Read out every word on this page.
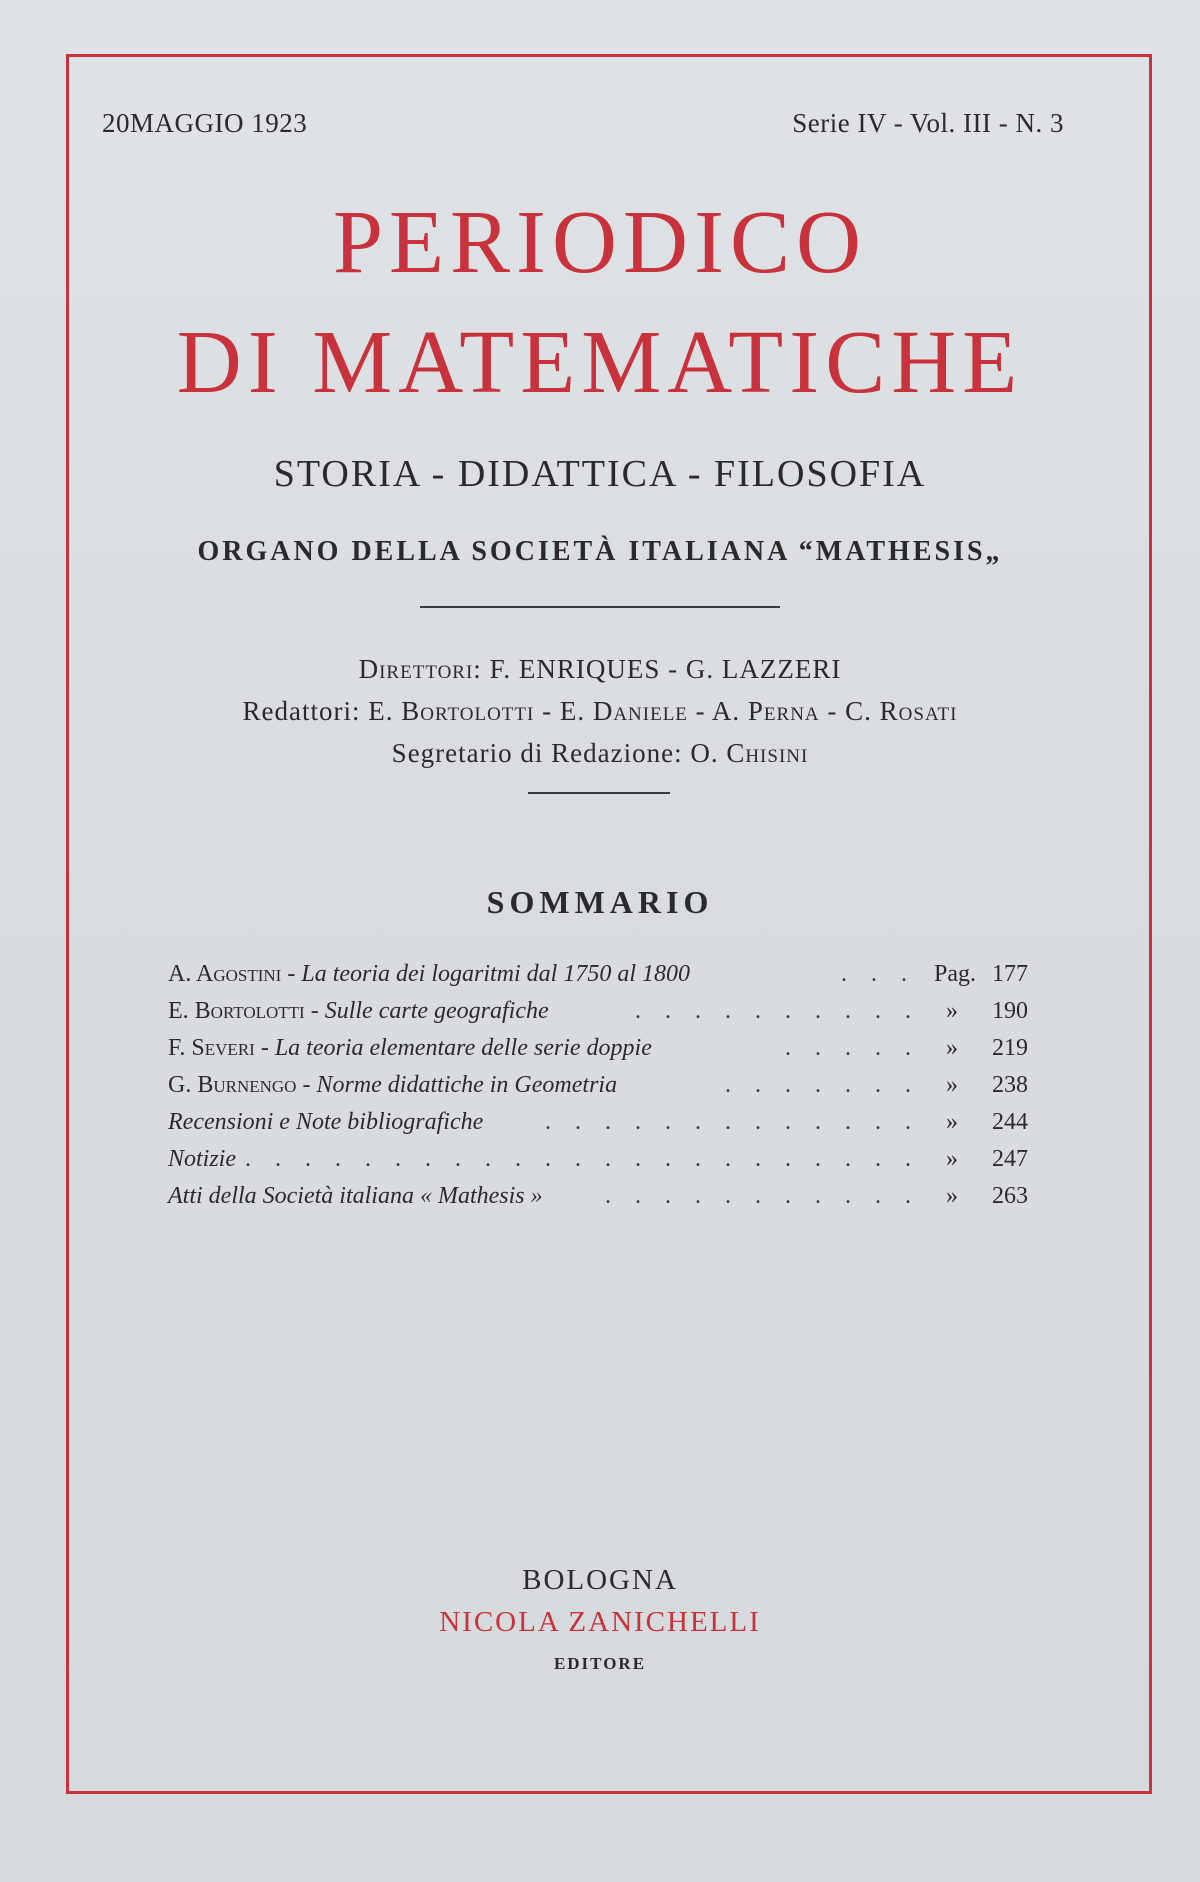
20MAGGIO 1923	Serie IV - Vol. III - N. 3
PERIODICO
DI MATEMATICHE
STORIA - DIDATTICA - FILOSOFIA
ORGANO DELLA SOCIETÀ ITALIANA “MATHESIS„
Direttori: F. ENRIQUES - G. LAZZERI
Redattori: E. Bortolotti - E. Daniele - A. Perna - C. Rosati
Segretario di Redazione: O. Chisini
SOMMARIO
A. Agostini - La teoria dei logaritmi dal 1750 al 1800	. . . Pag. 177
E. Bortolotti - Sulle carte geografiche	. . . . . . . . . . » 190
F. Severi - La teoria elementare delle serie doppie	. . . . . » 219
G. Burnengo - Norme didattiche in Geometria	. . . . . . . » 238
Recensioni e Note bibliografiche	. . . . . . . . . . . . . » 244
Notizie . . . . . . . . . . . . . . . . . . . . . . . » 247
Atti della Società italiana « Mathesis »	. . . . . . . . . . . » 263
BOLOGNA
NICOLA ZANICHELLI
EDITORE
